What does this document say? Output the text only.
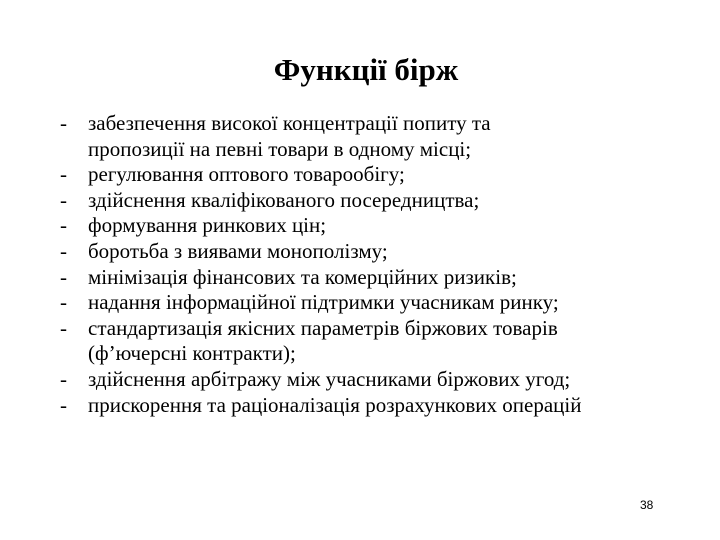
Функції бірж
- забезпечення високої концентрації попиту та
пропозиції на певні товари в одному місці;
- регулювання оптового товарообігу;
- здійснення кваліфікованого посередництва;
- формування ринкових цін;
- боротьба з виявами монополізму;
- мінімізація фінансових та комерційних ризиків;
- надання інформаційної підтримки учасникам ринку;
- стандартизація якісних параметрів біржових товарів
(ф’ючерсні контракти);
- здійснення арбітражу між учасниками біржових угод;
- прискорення та раціоналізація розрахункових операцій
38
